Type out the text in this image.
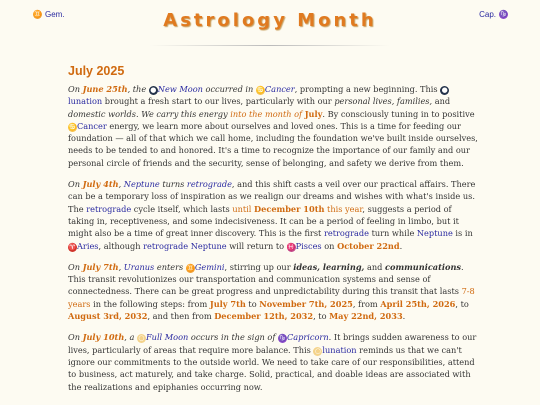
♊ Gem.	Astrology Month	Cap. ♑
July 2025

On June 25th, the ●New Moon occurred in ♋Cancer, prompting a new beginning. This ●lunation brought a fresh start to our lives, particularly with our personal lives, families, and domestic worlds. We carry this energy into the month of July. By consciously tuning in to positive ♋Cancer energy, we learn more about ourselves and loved ones. This is a time for feeding our foundation — all of that which we call home, including the foundation we've built inside ourselves, needs to be tended to and honored. It's a time to recognize the importance of our family and our personal circle of friends and the security, sense of belonging, and safety we derive from them.

On July 4th, Neptune turns retrograde, and this shift casts a veil over our practical affairs. There can be a temporary loss of inspiration as we realign our dreams and wishes with what's inside us. The retrograde cycle itself, which lasts until December 10th this year, suggests a period of taking in, receptiveness, and some indecisiveness. It can be a period of feeling in limbo, but it might also be a time of great inner discovery. This is the first retrograde turn while Neptune is in ♈Aries, although retrograde Neptune will return to ♓Pisces on October 22nd.

On July 7th, Uranus enters ♊Gemini, stirring up our ideas, learning, and communications. This transit revolutionizes our transportation and communication systems and sense of connectedness. There can be great progress and unpredictability during this transit that lasts 7-8 years in the following steps: from July 7th to November 7th, 2025, from April 25th, 2026, to August 3rd, 2032, and then from December 12th, 2032, to May 22nd, 2033.

On July 10th, a ○Full Moon occurs in the sign of ♑Capricorn. It brings sudden awareness to our lives, particularly of areas that require more balance. This ○lunation reminds us that we can't ignore our commitments to the outside world. We need to take care of our responsibilities, attend to business, act maturely, and take charge. Solid, practical, and doable ideas are associated with the realizations and epiphanies occurring now.
